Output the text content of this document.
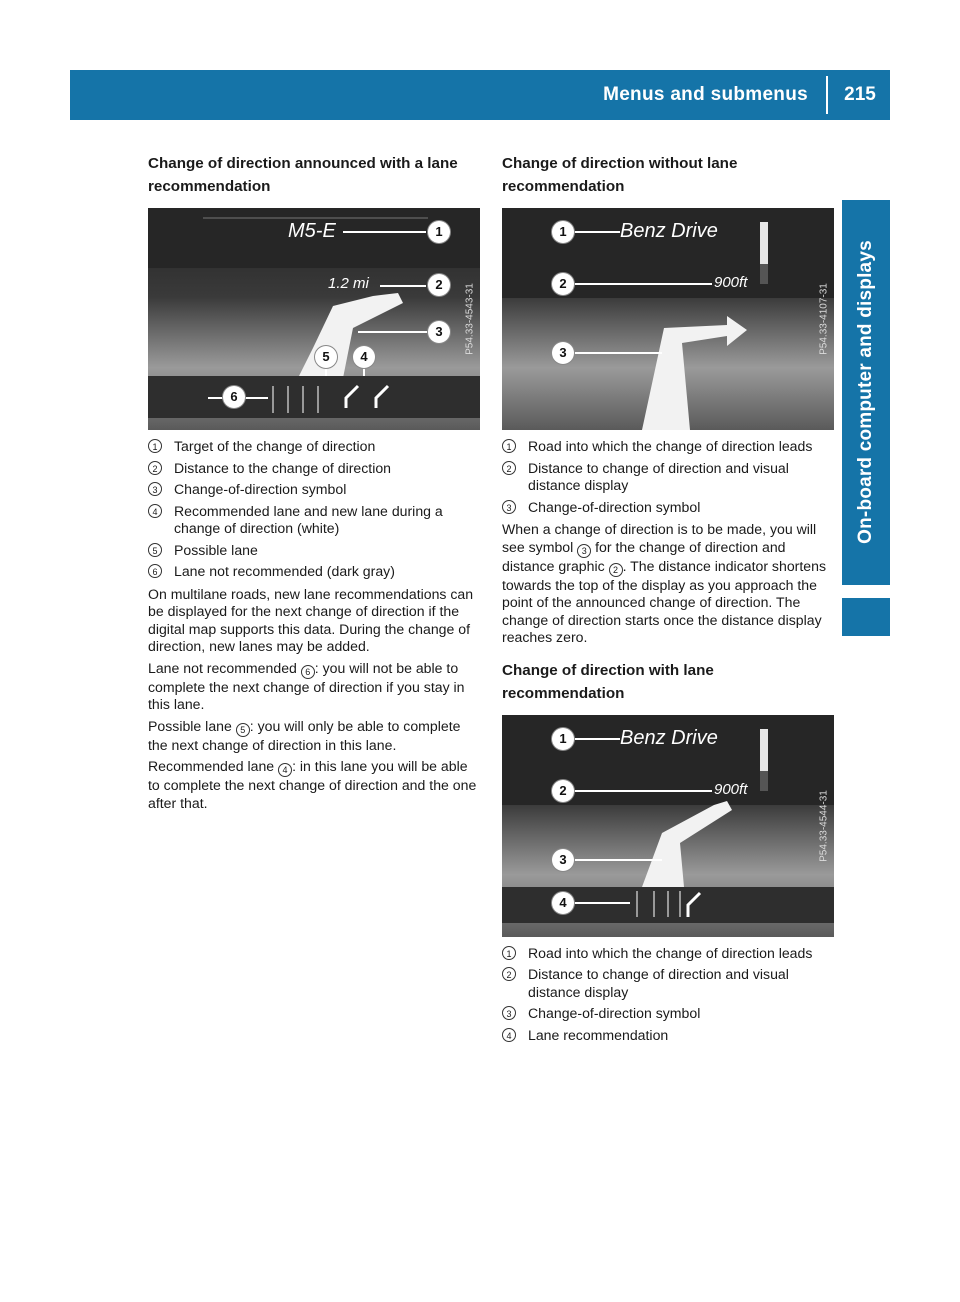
Menus and submenus	215
On-board computer and displays
Change of direction announced with a lane recommendation
M5-E
1.2 mi
1
2
3
5	4
6
P54.33-4543-31
1	Target of the change of direction
2	Distance to the change of direction
3	Change-of-direction symbol
4	Recommended lane and new lane during a change of direction (white)
5	Possible lane
6	Lane not recommended (dark gray)

On multilane roads, new lane recommendations can be displayed for the next change of direction if the digital map supports this data. During the change of direction, new lanes may be added.

Lane not recommended 6 : you will not be able to complete the next change of direction if you stay in this lane.

Possible lane 5 : you will only be able to complete the next change of direction in this lane.

Recommended lane 4 : in this lane you will be able to complete the next change of direction and the one after that.

Change of direction without lane recommendation
Benz Drive
900ft
1
2
3	P54.33-4107-31
1	Road into which the change of direction leads
2	Distance to change of direction and visual distance display
3	Change-of-direction symbol

When a change of direction is to be made, you will see symbol 3 for the change of direction and distance graphic 2 . The distance indicator shortens towards the top of the display as you approach the point of the announced change of direction. The change of direction starts once the distance display reaches zero.

Change of direction with lane recommendation
Benz Drive
900ft
1
2
3
4
P54.33-4544-31
1	Road into which the change of direction leads
2	Distance to change of direction and visual distance display
3	Change-of-direction symbol
4	Lane recommendation
